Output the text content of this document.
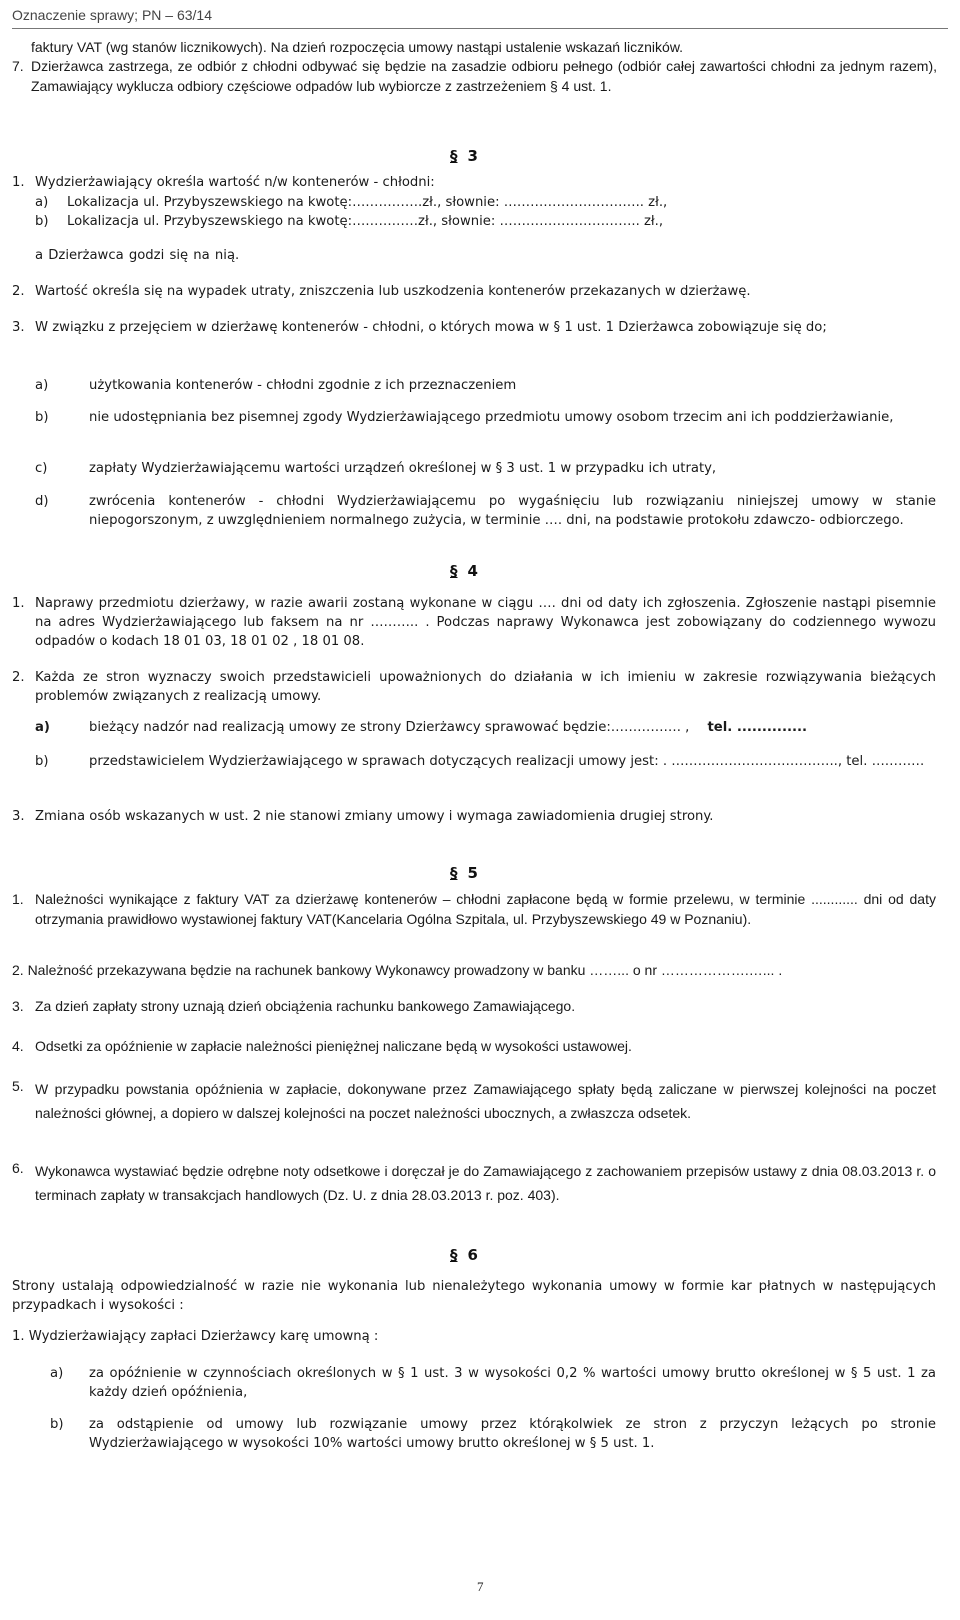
Oznaczenie sprawy; PN – 63/14
faktury VAT (wg stanów licznikowych). Na dzień rozpoczęcia umowy nastąpi ustalenie wskazań liczników.
7. Dzierżawca zastrzega, ze odbiór z chłodni odbywać się będzie na zasadzie odbioru pełnego (odbiór całej zawartości chłodni za jednym razem), Zamawiający wyklucza odbiory częściowe odpadów lub wybiorcze z zastrzeżeniem § 4 ust. 1.
§ 3
1. Wydzierżawiający określa wartość n/w kontenerów - chłodni:
a) Lokalizacja ul. Przybyszewskiego na kwotę:…………….zł., słownie: ………………………….. zł.,
b) Lokalizacja ul. Przybyszewskiego na kwotę:……………zł., słownie: ………………………….. zł.,
a Dzierżawca godzi się na nią.
2. Wartość określa się na wypadek utraty, zniszczenia lub uszkodzenia kontenerów przekazanych w dzierżawę.
3. W związku z przejęciem w dzierżawę kontenerów - chłodni, o których mowa w § 1 ust. 1 Dzierżawca zobowiązuje się do;
a)	użytkowania kontenerów - chłodni zgodnie z ich przeznaczeniem
b)	nie udostępniania bez pisemnej zgody Wydzierżawiającego przedmiotu umowy osobom trzecim ani ich poddzierżawianie,
c)	zapłaty Wydzierżawiającemu wartości urządzeń określonej w § 3 ust. 1 w przypadku ich utraty,
d)	zwrócenia kontenerów - chłodni Wydzierżawiającemu po wygaśnięciu lub rozwiązaniu niniejszej umowy w stanie niepogorszonym, z uwzględnieniem normalnego zużycia, w terminie …. dni, na podstawie protokołu zdawczo- odbiorczego.
§ 4
1. Naprawy przedmiotu dzierżawy, w razie awarii zostaną wykonane w ciągu …. dni od daty ich zgłoszenia. Zgłoszenie nastąpi pisemnie na adres Wydzierżawiającego lub faksem na nr ……….. . Podczas naprawy Wykonawca jest zobowiązany do codziennego wywozu odpadów o kodach 18 01 03, 18 01 02 , 18 01 08.
2. Każda ze stron wyznaczy swoich przedstawicieli upoważnionych do działania w ich imieniu w zakresie rozwiązywania bieżących problemów związanych z realizacją umowy.
a)	bieżący nadzór nad realizacją umowy ze strony Dzierżawcy sprawować będzie:……………. , tel. ..............
b)	przedstawicielem Wydzierżawiającego w sprawach dotyczących realizacji umowy jest: . ……………………………….., tel. …………
3. Zmiana osób wskazanych w ust. 2 nie stanowi zmiany umowy i wymaga zawiadomienia drugiej strony.
§ 5
1. Należności wynikające z faktury VAT za dzierżawę kontenerów – chłodni zapłacone będą w formie przelewu, w terminie ............ dni od daty otrzymania prawidłowo wystawionej faktury VAT(Kancelaria Ogólna Szpitala, ul. Przybyszewskiego 49 w Poznaniu).
2. Należność przekazywana będzie na rachunek bankowy Wykonawcy prowadzony w banku ……... o nr ……………….…... .
3. Za dzień zapłaty strony uznają dzień obciążenia rachunku bankowego Zamawiającego.
4. Odsetki za opóźnienie w zapłacie należności pieniężnej naliczane będą w wysokości ustawowej.
5. W przypadku powstania opóźnienia w zapłacie, dokonywane przez Zamawiającego spłaty będą zaliczane w pierwszej kolejności na poczet należności głównej, a dopiero w dalszej kolejności na poczet należności ubocznych, a zwłaszcza odsetek.
6. Wykonawca wystawiać będzie odrębne noty odsetkowe i doręczał je do Zamawiającego z zachowaniem przepisów ustawy z dnia 08.03.2013 r. o terminach zapłaty w transakcjach handlowych (Dz. U. z dnia 28.03.2013 r. poz. 403).
§ 6
Strony ustalają odpowiedzialność w razie nie wykonania lub nienależytego wykonania umowy w formie kar płatnych w następujących przypadkach i wysokości :
1. Wydzierżawiający zapłaci Dzierżawcy karę umowną :
a) za opóźnienie w czynnościach określonych w § 1 ust. 3 w wysokości 0,2 % wartości umowy brutto określonej w § 5 ust. 1 za każdy dzień opóźnienia,
b) za odstąpienie od umowy lub rozwiązanie umowy przez którąkolwiek ze stron z przyczyn leżących po stronie Wydzierżawiającego w wysokości 10% wartości umowy brutto określonej w § 5 ust. 1.
7
